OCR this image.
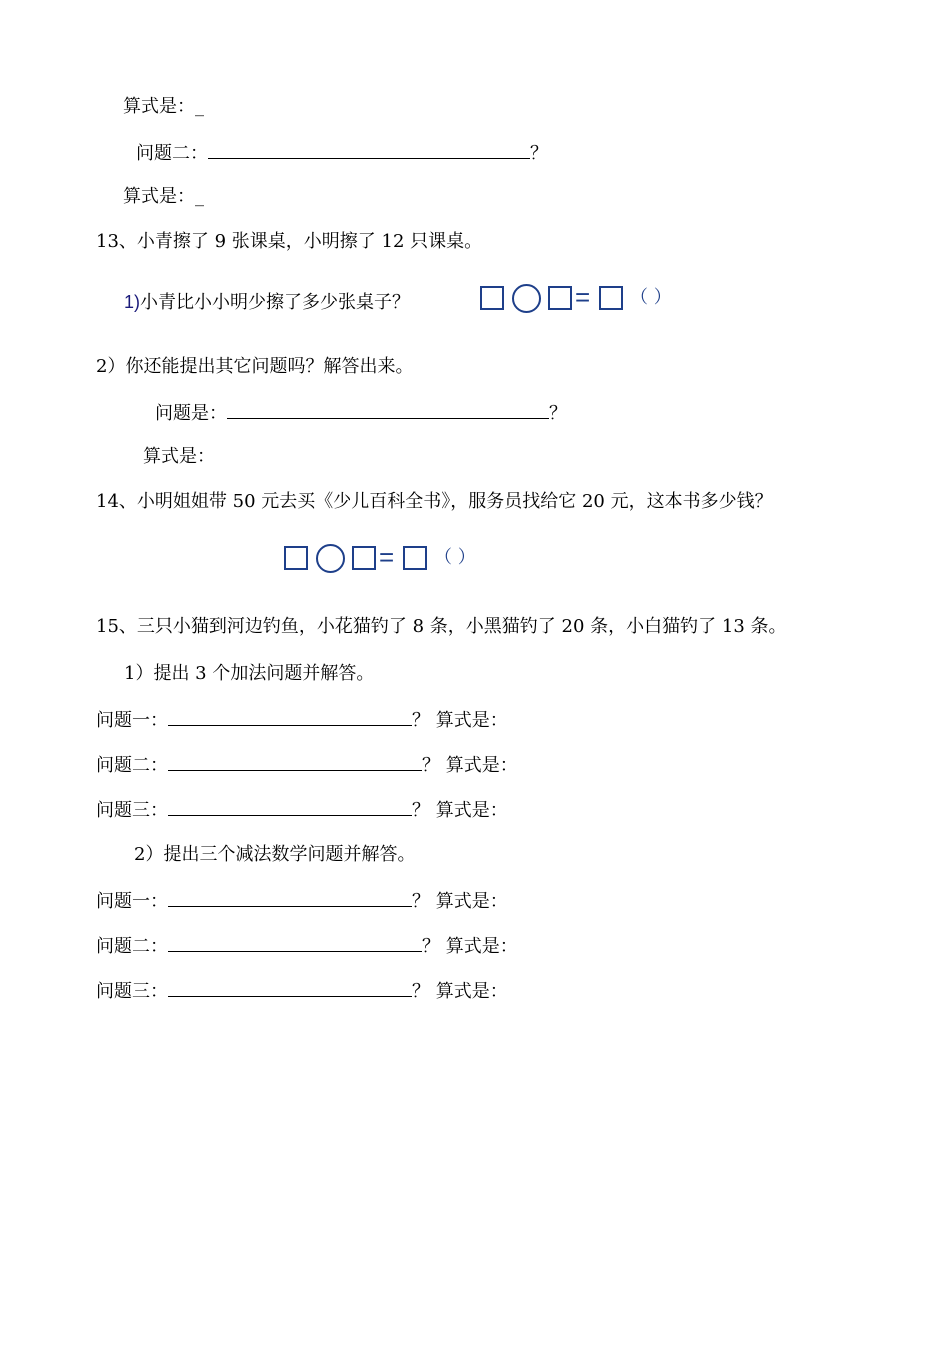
算式是：_
问题二：	？
算式是：_
13、小青擦了 9 张课桌，小明擦了 12 只课桌。
1)小青比小小明少擦了多少张桌子？	= （ ）
2）你还能提出其它问题吗？解答出来。
问题是：	？
算式是：
14、小明姐姐带 50 元去买《少儿百科全书》，服务员找给它 20 元，这本书多少钱？
= （ ）
15、三只小猫到河边钓鱼，小花猫钓了 8 条，小黑猫钓了 20 条，小白猫钓了 13 条。
1）提出 3 个加法问题并解答。
问题一：	？ 算式是：
问题二：	？ 算式是：
问题三：	？ 算式是：
2）提出三个减法数学问题并解答。
问题一：	？ 算式是：
问题二：	？ 算式是：
问题三：	？ 算式是：
